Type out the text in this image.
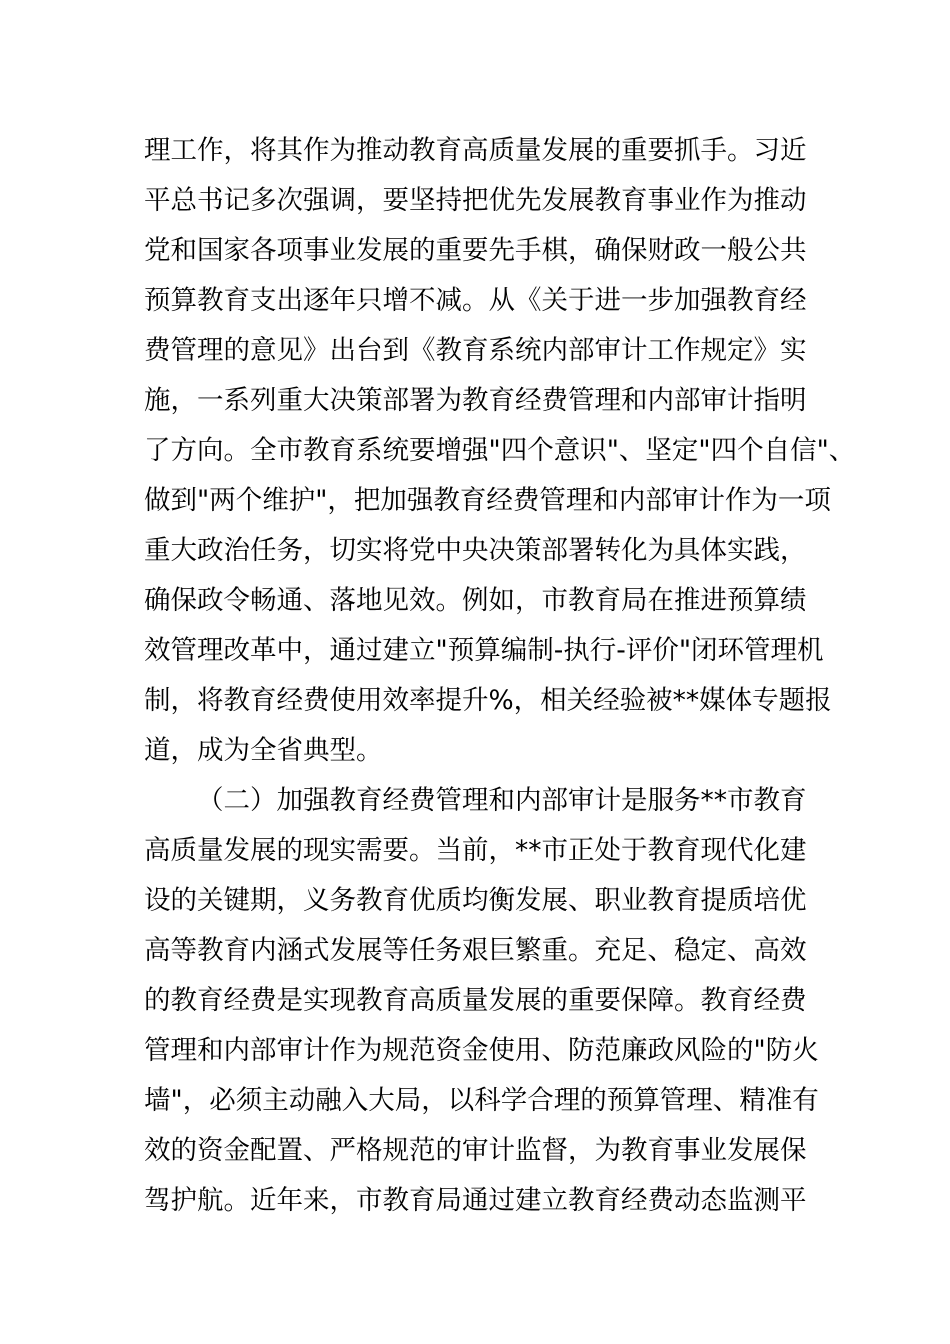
理工作，将其作为推动教育高质量发展的重要抓手。习近
平总书记多次强调，要坚持把优先发展教育事业作为推动
党和国家各项事业发展的重要先手棋，确保财政一般公共
预算教育支出逐年只增不减。从《关于进一步加强教育经
费管理的意见》出台到《教育系统内部审计工作规定》实
施，一系列重大决策部署为教育经费管理和内部审计指明
了方向。全市教育系统要增强"四个意识"、坚定"四个自信"、
做到"两个维护"，把加强教育经费管理和内部审计作为一项
重大政治任务，切实将党中央决策部署转化为具体实践，
确保政令畅通、落地见效。例如，市教育局在推进预算绩
效管理改革中，通过建立"预算编制-执行-评价"闭环管理机
制，将教育经费使用效率提升%，相关经验被**媒体专题报
道，成为全省典型。
（二）加强教育经费管理和内部审计是服务**市教育
高质量发展的现实需要。当前，**市正处于教育现代化建
设的关键期，义务教育优质均衡发展、职业教育提质培优
高等教育内涵式发展等任务艰巨繁重。充足、稳定、高效
的教育经费是实现教育高质量发展的重要保障。教育经费
管理和内部审计作为规范资金使用、防范廉政风险的"防火
墙"，必须主动融入大局，以科学合理的预算管理、精准有
效的资金配置、严格规范的审计监督，为教育事业发展保
驾护航。近年来，市教育局通过建立教育经费动态监测平
